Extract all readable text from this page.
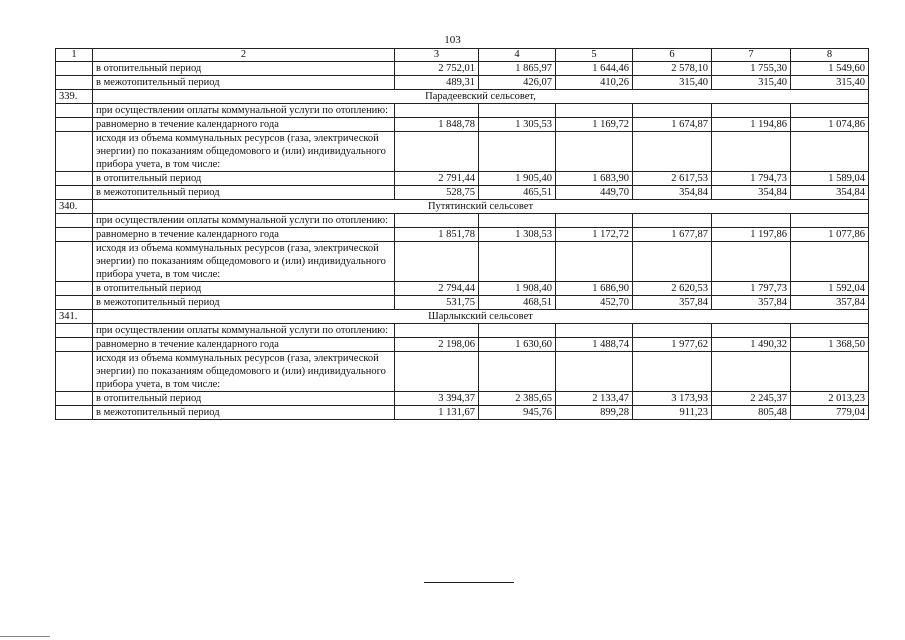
103
1	2	3	4	5	6	7	8
	в отопительный период	2 752,01	1 865,97	1 644,46	2 578,10	1 755,30	1 549,60
	в межотопительный период	489,31	426,07	410,26	315,40	315,40	315,40
339.	Парадеевский сельсовет,						
	при осуществлении оплаты коммунальной услуги по отоплению:						
	равномерно в течение календарного года	1 848,78	1 305,53	1 169,72	1 674,87	1 194,86	1 074,86
	исходя из объема коммунальных ресурсов (газа, электрической энергии) по показаниям общедомового и (или) индивидуального прибора учета, в том числе:						
	в отопительный период	2 791,44	1 905,40	1 683,90	2 617,53	1 794,73	1 589,04
	в межотопительный период	528,75	465,51	449,70	354,84	354,84	354,84
340.	Путятинский сельсовет						
	при осуществлении оплаты коммунальной услуги по отоплению:						
	равномерно в течение календарного года	1 851,78	1 308,53	1 172,72	1 677,87	1 197,86	1 077,86
	исходя из объема коммунальных ресурсов (газа, электрической энергии) по показаниям общедомового и (или) индивидуального прибора учета, в том числе:						
	в отопительный период	2 794,44	1 908,40	1 686,90	2 620,53	1 797,73	1 592,04
	в межотопительный период	531,75	468,51	452,70	357,84	357,84	357,84
341.	Шарлыкский сельсовет						
	при осуществлении оплаты коммунальной услуги по отоплению:						
	равномерно в течение календарного года	2 198,06	1 630,60	1 488,74	1 977,62	1 490,32	1 368,50
	исходя из объема коммунальных ресурсов (газа, электрической энергии) по показаниям общедомового и (или) индивидуального прибора учета, в том числе:						
	в отопительный период	3 394,37	2 385,65	2 133,47	3 173,93	2 245,37	2 013,23
	в межотопительный период	1 131,67	945,76	899,28	911,23	805,48	779,04
